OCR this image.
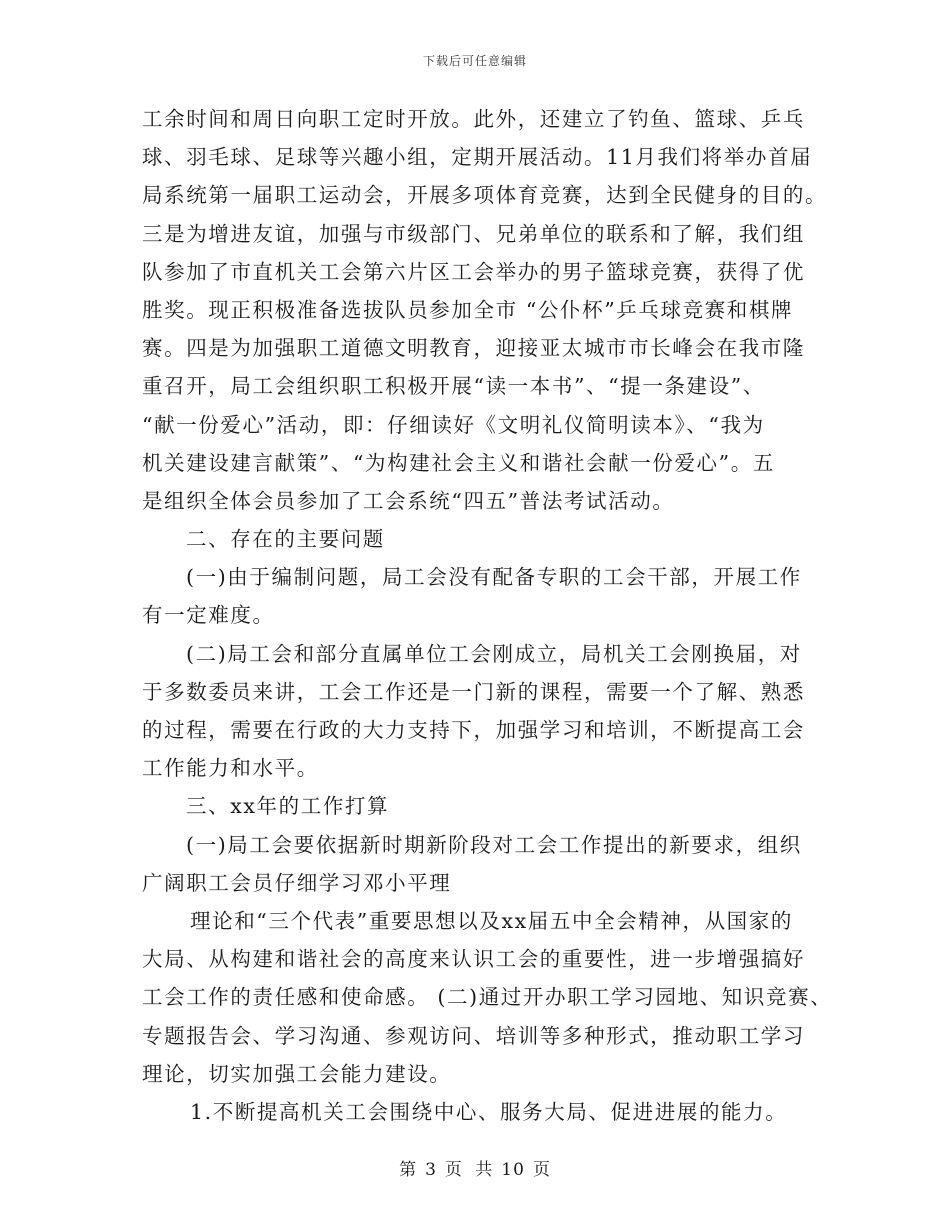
下载后可任意编辑
工余时间和周日向职工定时开放。此外，还建立了钓鱼、篮球、乒乓
球、羽毛球、足球等兴趣小组，定期开展活动。11月我们将举办首届
局系统第一届职工运动会，开展多项体育竞赛，达到全民健身的目的。
三是为增进友谊，加强与市级部门、兄弟单位的联系和了解，我们组
队参加了市直机关工会第六片区工会举办的男子篮球竞赛，获得了优
胜奖。现正积极准备选拔队员参加全市 “公仆杯”乒乓球竞赛和棋牌
赛。四是为加强职工道德文明教育，迎接亚太城市市长峰会在我市隆
重召开，局工会组织职工积极开展“读一本书”、“提一条建设”、
“献一份爱心”活动，即：仔细读好《文明礼仪简明读本》、“我为
机关建设建言献策”、“为构建社会主义和谐社会献一份爱心”。五
是组织全体会员参加了工会系统“四五”普法考试活动。
二、存在的主要问题
(一)由于编制问题，局工会没有配备专职的工会干部，开展工作
有一定难度。
(二)局工会和部分直属单位工会刚成立，局机关工会刚换届，对
于多数委员来讲，工会工作还是一门新的课程，需要一个了解、熟悉
的过程，需要在行政的大力支持下，加强学习和培训，不断提高工会
工作能力和水平。
三、xx年的工作打算
(一)局工会要依据新时期新阶段对工会工作提出的新要求，组织
广阔职工会员仔细学习邓小平理
理论和“三个代表”重要思想以及xx届五中全会精神，从国家的
大局、从构建和谐社会的高度来认识工会的重要性，进一步增强搞好
工会工作的责任感和使命感。 (二)通过开办职工学习园地、知识竞赛、
专题报告会、学习沟通、参观访问、培训等多种形式，推动职工学习
理论，切实加强工会能力建设。
1.不断提高机关工会围绕中心、服务大局、促进进展的能力。
第 3 页 共 10 页
